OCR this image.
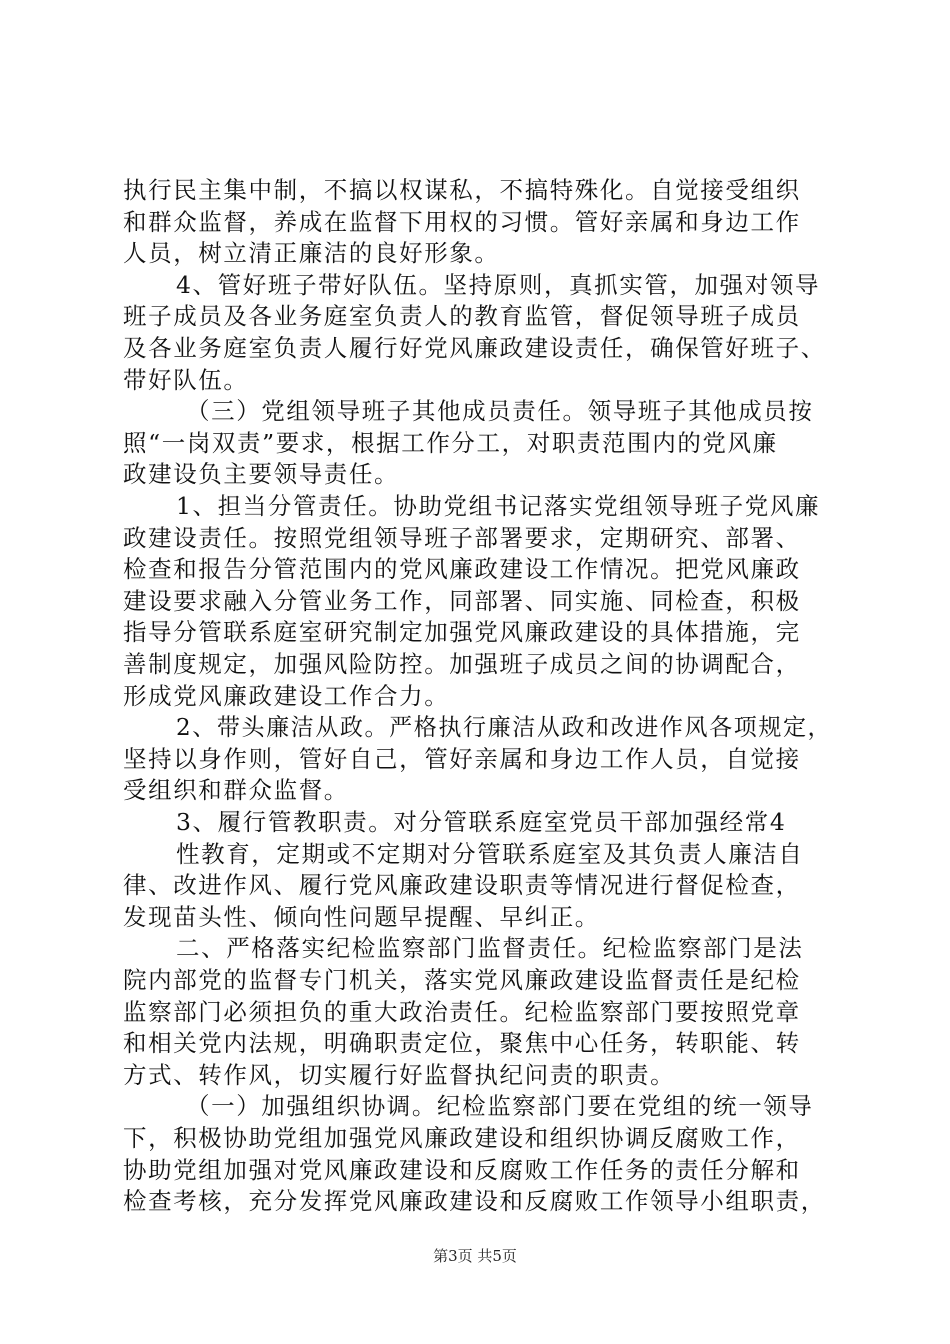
执行民主集中制，不搞以权谋私，不搞特殊化。自觉接受组织
和群众监督，养成在监督下用权的习惯。管好亲属和身边工作
人员，树立清正廉洁的良好形象。
4、管好班子带好队伍。坚持原则，真抓实管，加强对领导
班子成员及各业务庭室负责人的教育监管，督促领导班子成员
及各业务庭室负责人履行好党风廉政建设责任，确保管好班子、
带好队伍。
（三）党组领导班子其他成员责任。领导班子其他成员按
照“一岗双责”要求，根据工作分工，对职责范围内的党风廉
政建设负主要领导责任。
1、担当分管责任。协助党组书记落实党组领导班子党风廉
政建设责任。按照党组领导班子部署要求，定期研究、部署、
检查和报告分管范围内的党风廉政建设工作情况。把党风廉政
建设要求融入分管业务工作，同部署、同实施、同检查，积极
指导分管联系庭室研究制定加强党风廉政建设的具体措施，完
善制度规定，加强风险防控。加强班子成员之间的协调配合，
形成党风廉政建设工作合力。
2、带头廉洁从政。严格执行廉洁从政和改进作风各项规定，
坚持以身作则，管好自己，管好亲属和身边工作人员，自觉接
受组织和群众监督。
3、履行管教职责。对分管联系庭室党员干部加强经常4
性教育，定期或不定期对分管联系庭室及其负责人廉洁自
律、改进作风、履行党风廉政建设职责等情况进行督促检查，
发现苗头性、倾向性问题早提醒、早纠正。
二、严格落实纪检监察部门监督责任。纪检监察部门是法
院内部党的监督专门机关，落实党风廉政建设监督责任是纪检
监察部门必须担负的重大政治责任。纪检监察部门要按照党章
和相关党内法规，明确职责定位，聚焦中心任务，转职能、转
方式、转作风，切实履行好监督执纪问责的职责。
（一）加强组织协调。纪检监察部门要在党组的统一领导
下，积极协助党组加强党风廉政建设和组织协调反腐败工作，
协助党组加强对党风廉政建设和反腐败工作任务的责任分解和
检查考核，充分发挥党风廉政建设和反腐败工作领导小组职责，
第3页 共5页
